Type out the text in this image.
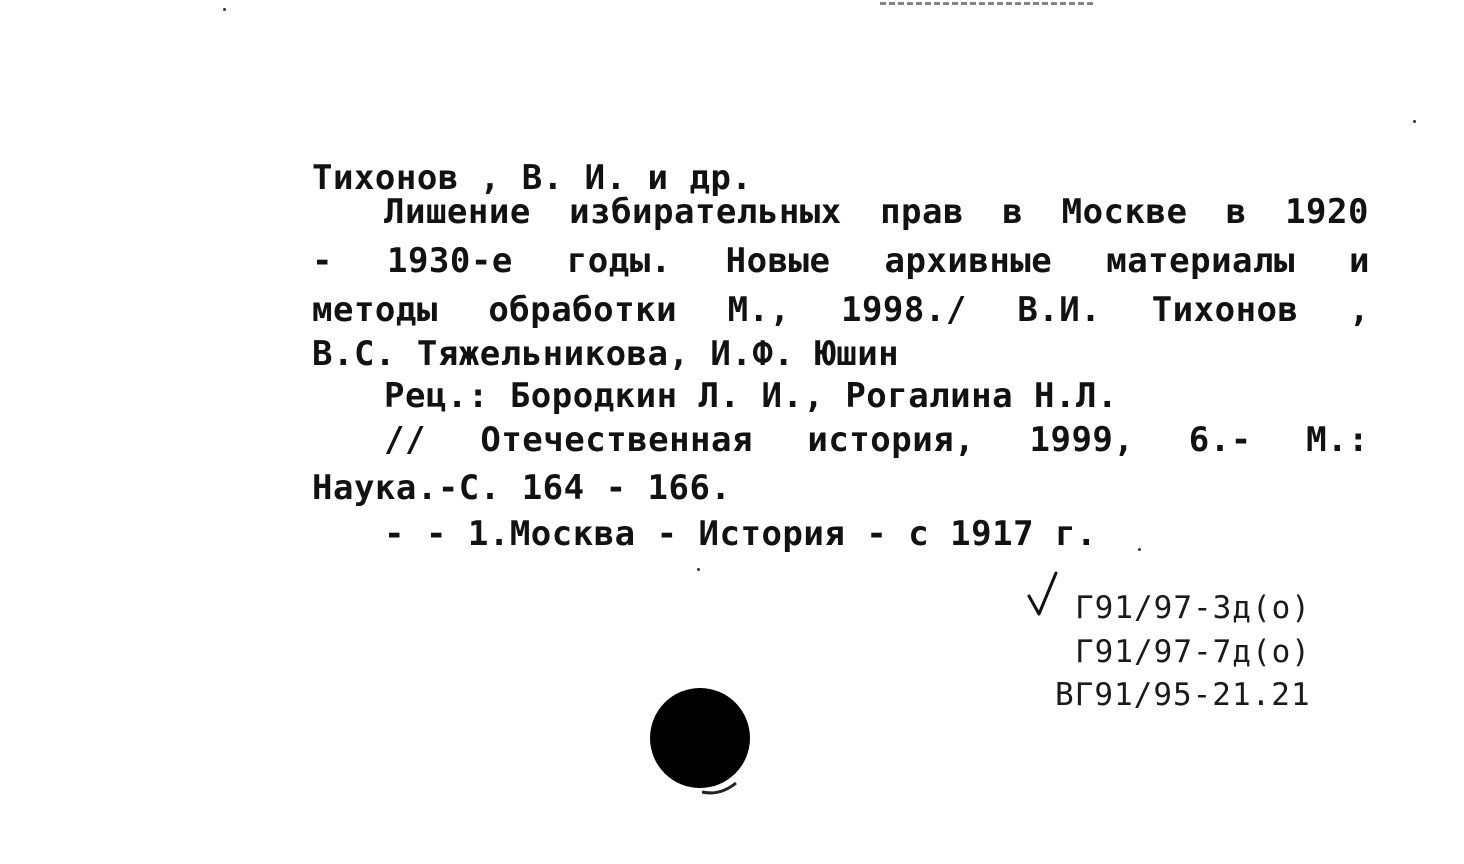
Тихонов , В. И. и др.
Лишение избирательных прав в Москве в 1920
- 1930-е годы. Новые архивные материалы и
методы обработки М., 1998./ В.И. Тихонов ,
В.С. Тяжельникова, И.Ф. Юшин
Рец.: Бородкин Л. И., Рогалина Н.Л.
// Отечественная история, 1999, 6.- М.:
Наука.-С. 164 - 166.
- - 1.Москва - История - с 1917 г.
Г91/97-3д(о)
Г91/97-7д(о)
ВГ91/95-21.21
